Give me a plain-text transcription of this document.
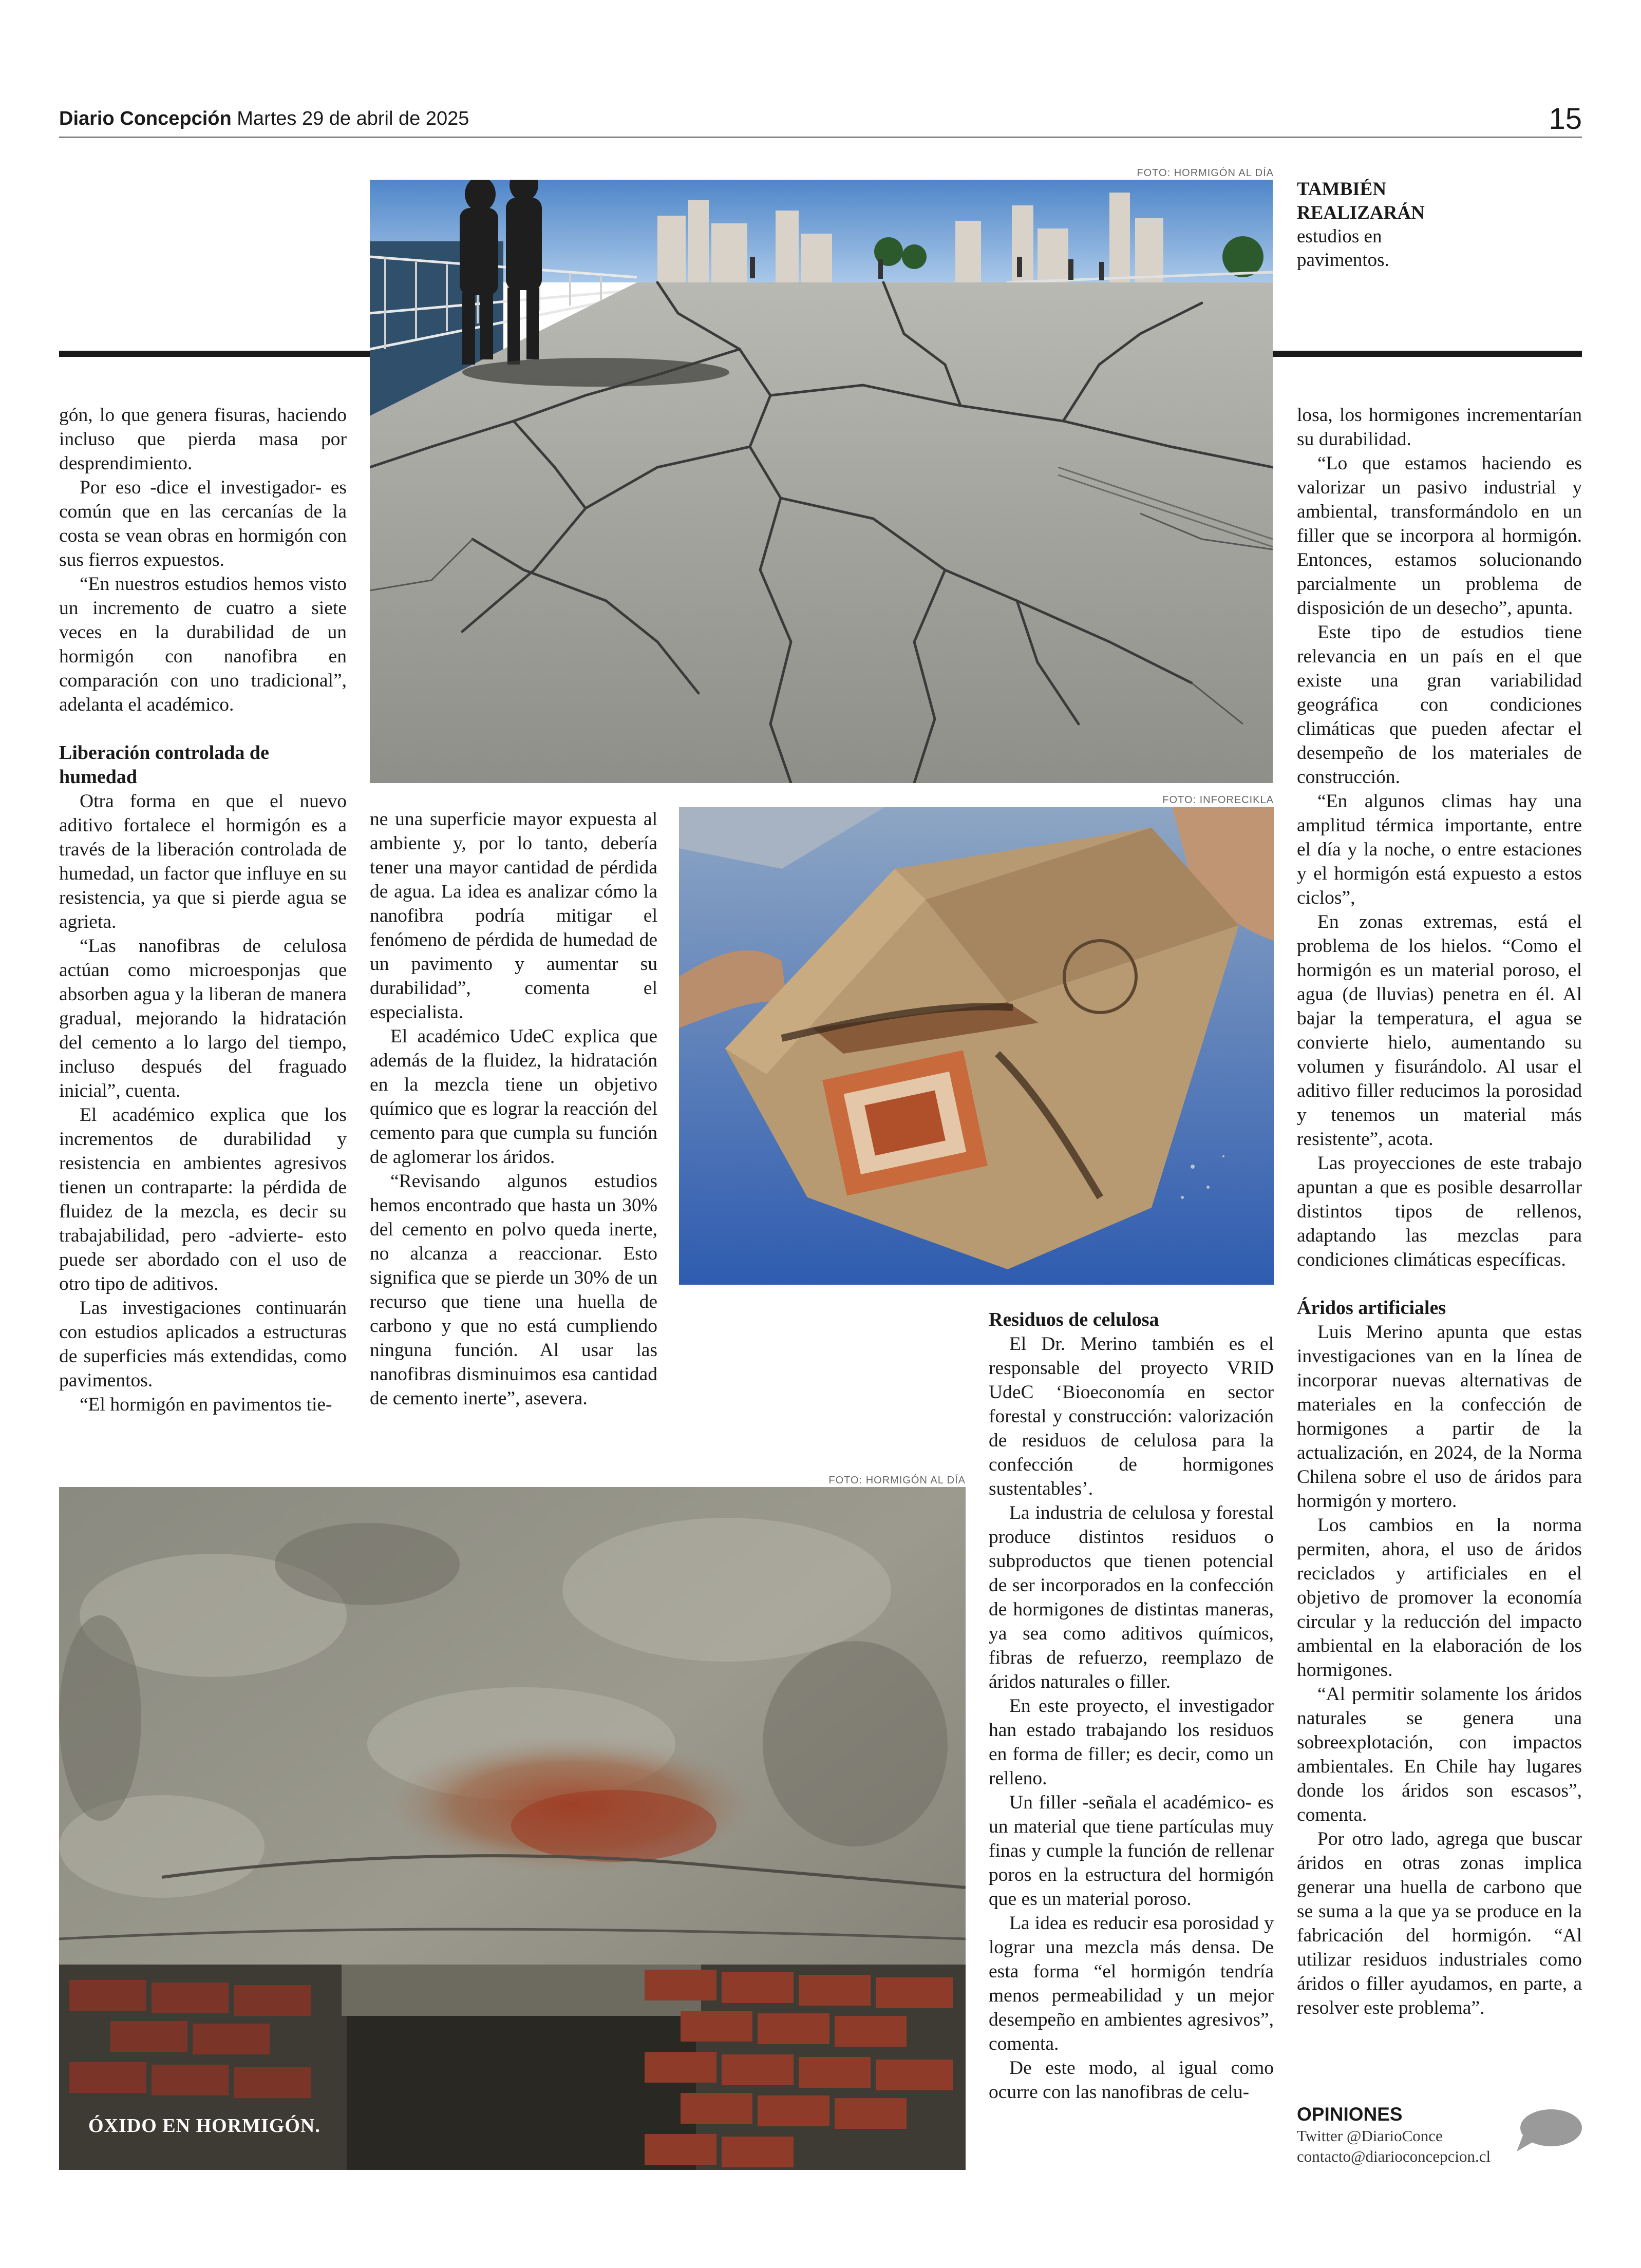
Diario Concepción Martes 29 de abril de 2025	15
FOTO: HORMIGÓN AL DÍA
TAMBIÉN REALIZARÁN
estudios en pavimentos.
FOTO: INFORECIKLA
FOTO: HORMIGÓN AL DÍA
ÓXIDO EN HORMIGÓN.

gón, lo que genera fisuras, haciendo incluso que pierda masa por desprendimiento.

Por eso -dice el investigador- es común que en las cercanías de la costa se vean obras en hormigón con sus fierros expuestos.

“En nuestros estudios hemos visto un incremento de cuatro a siete veces en la durabilidad de un hormigón con nanofibra en comparación con uno tradicional”, adelanta el académico.

Liberación controlada de humedad

Otra forma en que el nuevo aditivo fortalece el hormigón es a través de la liberación controlada de humedad, un factor que influye en su resistencia, ya que si pierde agua se agrieta.

“Las nanofibras de celulosa actúan como microesponjas que absorben agua y la liberan de manera gradual, mejorando la hidratación del cemento a lo largo del tiempo, incluso después del fraguado inicial”, cuenta.

El académico explica que los incrementos de durabilidad y resistencia en ambientes agresivos tienen un contraparte: la pérdida de fluidez de la mezcla, es decir su trabajabilidad, pero -advierte- esto puede ser abordado con el uso de otro tipo de aditivos.

Las investigaciones continuarán con estudios aplicados a estructuras de superficies más extendidas, como pavimentos.

“El hormigón en pavimentos tie-

ne una superficie mayor expuesta al ambiente y, por lo tanto, debería tener una mayor cantidad de pérdida de agua. La idea es analizar cómo la nanofibra podría mitigar el fenómeno de pérdida de humedad de un pavimento y aumentar su durabilidad”, comenta el especialista.

El académico UdeC explica que además de la fluidez, la hidratación en la mezcla tiene un objetivo químico que es lograr la reacción del cemento para que cumpla su función de aglomerar los áridos.

“Revisando algunos estudios hemos encontrado que hasta un 30% del cemento en polvo queda inerte, no alcanza a reaccionar. Esto significa que se pierde un 30% de un recurso que tiene una huella de carbono y que no está cumpliendo ninguna función. Al usar las nanofibras disminuimos esa cantidad de cemento inerte”, asevera.

Residuos de celulosa

El Dr. Merino también es el responsable del proyecto VRID UdeC ‘Bioeconomía en sector forestal y construcción: valorización de residuos de celulosa para la confección de hormigones sustentables’.

La industria de celulosa y forestal produce distintos residuos o subproductos que tienen potencial de ser incorporados en la confección de hormigones de distintas maneras, ya sea como aditivos químicos, fibras de refuerzo, reemplazo de áridos naturales o filler.

En este proyecto, el investigador han estado trabajando los residuos en forma de filler; es decir, como un relleno.

Un filler -señala el académico- es un material que tiene partículas muy finas y cumple la función de rellenar poros en la estructura del hormigón que es un material poroso.

La idea es reducir esa porosidad y lograr una mezcla más densa. De esta forma “el hormigón tendría menos permeabilidad y un mejor desempeño en ambientes agresivos”, comenta.

De este modo, al igual como ocurre con las nanofibras de celu-

losa, los hormigones incrementarían su durabilidad.

“Lo que estamos haciendo es valorizar un pasivo industrial y ambiental, transformándolo en un filler que se incorpora al hormigón. Entonces, estamos solucionando parcialmente un problema de disposición de un desecho”, apunta.

Este tipo de estudios tiene relevancia en un país en el que existe una gran variabilidad geográfica con condiciones climáticas que pueden afectar el desempeño de los materiales de construcción.

“En algunos climas hay una amplitud térmica importante, entre el día y la noche, o entre estaciones y el hormigón está expuesto a estos ciclos”,

En zonas extremas, está el problema de los hielos. “Como el hormigón es un material poroso, el agua (de lluvias) penetra en él. Al bajar la temperatura, el agua se convierte hielo, aumentando su volumen y fisurándolo. Al usar el aditivo filler reducimos la porosidad y tenemos un material más resistente”, acota.

Las proyecciones de este trabajo apuntan a que es posible desarrollar distintos tipos de rellenos, adaptando las mezclas para condiciones climáticas específicas.

Áridos artificiales

Luis Merino apunta que estas investigaciones van en la línea de incorporar nuevas alternativas de materiales en la confección de hormigones a partir de la actualización, en 2024, de la Norma Chilena sobre el uso de áridos para hormigón y mortero.

Los cambios en la norma permiten, ahora, el uso de áridos reciclados y artificiales en el objetivo de promover la economía circular y la reducción del impacto ambiental en la elaboración de los hormigones.

“Al permitir solamente los áridos naturales se genera una sobreexplotación, con impactos ambientales. En Chile hay lugares donde los áridos son escasos”, comenta.

Por otro lado, agrega que buscar áridos en otras zonas implica generar una huella de carbono que se suma a la que ya se produce en la fabricación del hormigón. “Al utilizar residuos industriales como áridos o filler ayudamos, en parte, a resolver este problema”.

OPINIONES
Twitter @DiarioConce
contacto@diarioconcepcion.cl
